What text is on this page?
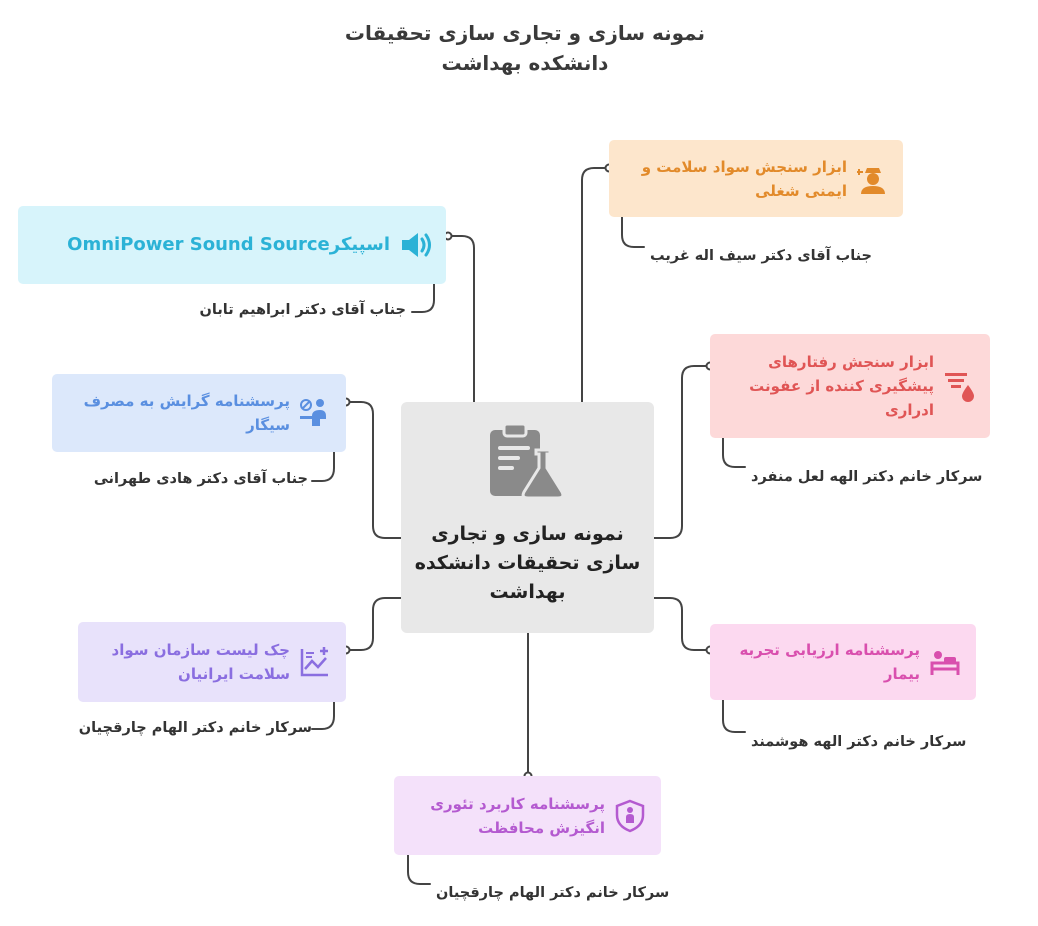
نمونه سازی و تجاری سازی تحقیقات دانشکده بهداشت
نمونه سازی و تجاری سازی تحقیقات دانشکده بهداشت
اسپیکرOmniPower Sound Source
جناب آقای دکتر ابراهیم تابان
پرسشنامه گرایش به مصرف سیگار
جناب آقای دکتر هادی طهرانی
چک لیست سازمان سواد سلامت ایرانیان
سرکار خانم دکتر الهام چارقچیان
ابزار سنجش سواد سلامت و ایمنی شغلی
جناب آقای دکتر سیف اله غریب
ابزار سنجش رفتارهای پیشگیری کننده از عفونت ادراری
سرکار خانم دکتر الهه لعل منفرد
پرسشنامه ارزیابی تجربه بیمار
سرکار خانم دکتر الهه هوشمند
پرسشنامه کاربرد تئوری انگیزش محافظت
سرکار خانم دکتر الهام چارقچیان
